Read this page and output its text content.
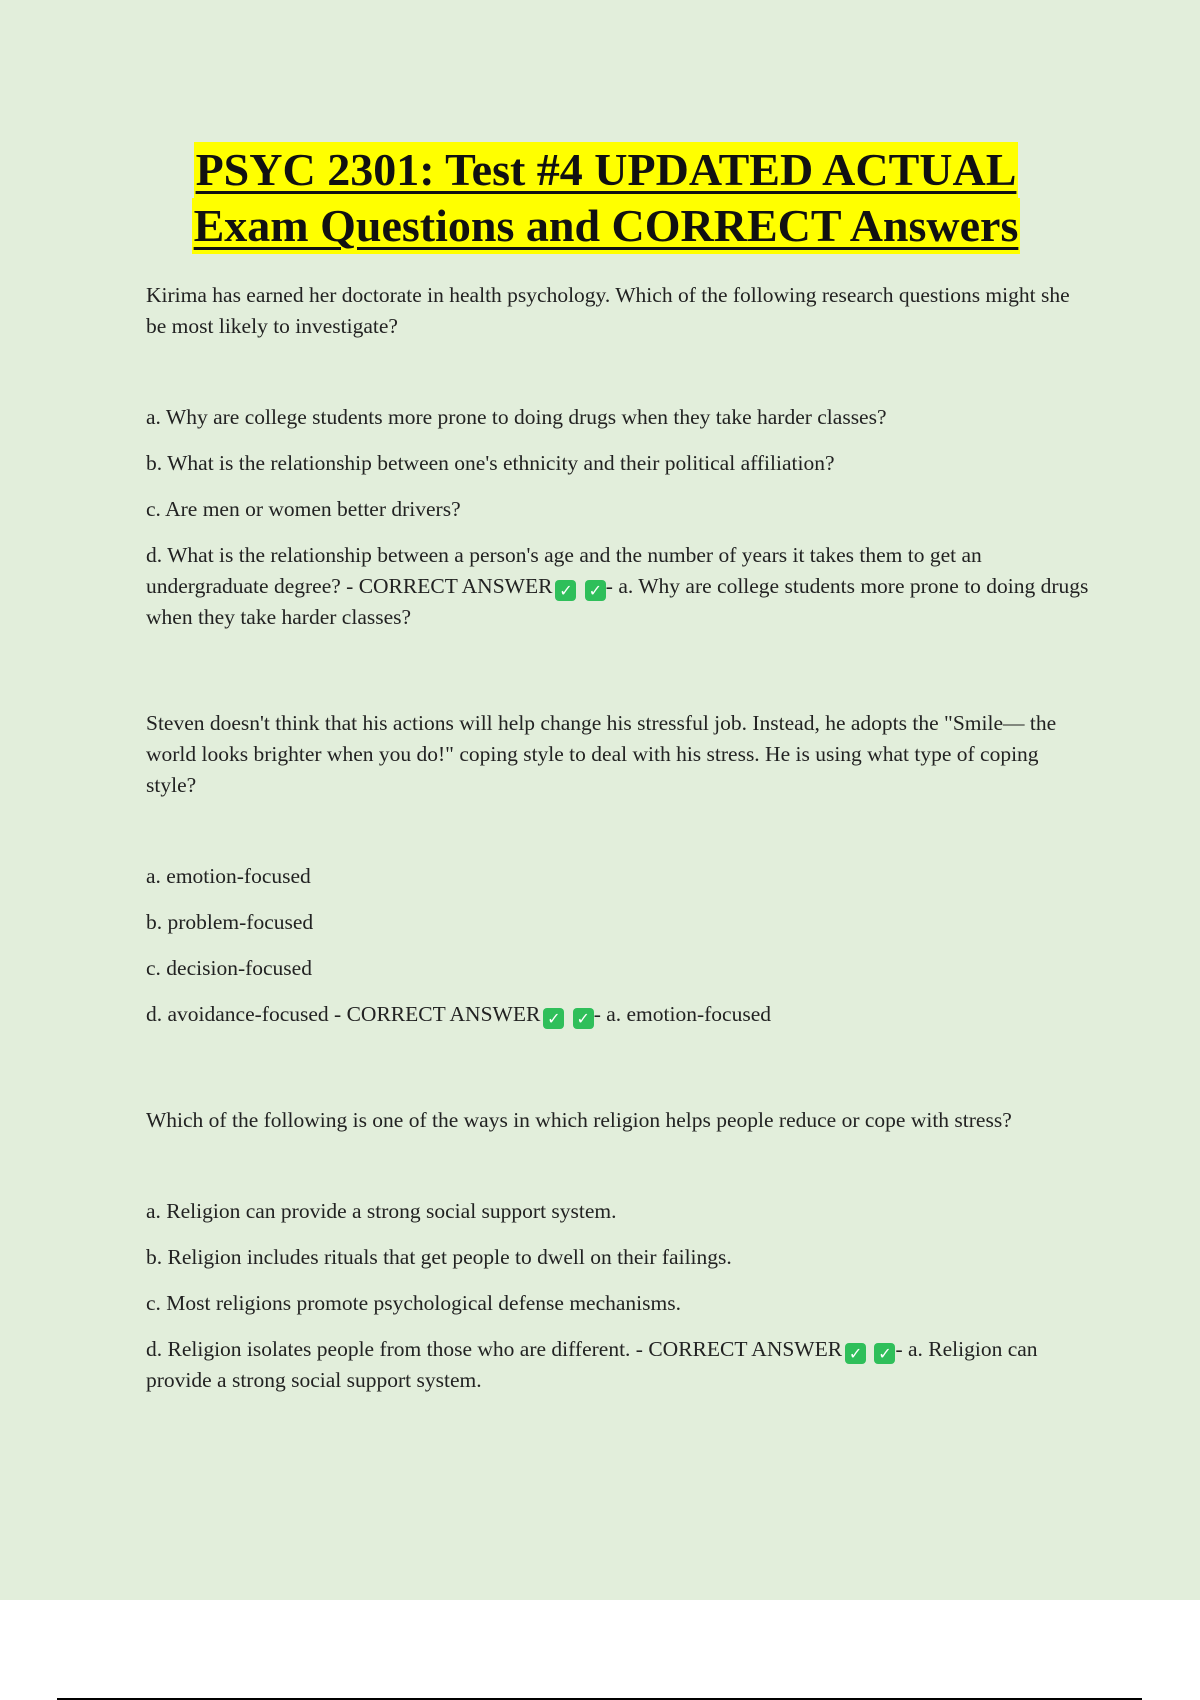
PSYC 2301: Test #4 UPDATED ACTUAL
Exam Questions and CORRECT Answers

Kirima has earned her doctorate in health psychology. Which of the following research questions might she be most likely to investigate?

a. Why are college students more prone to doing drugs when they take harder classes?

b. What is the relationship between one's ethnicity and their political affiliation?

c. Are men or women better drivers?

d. What is the relationship between a person's age and the number of years it takes them to get an undergraduate degree? - CORRECT ANSWER ✓ ✓ - a. Why are college students more prone to doing drugs when they take harder classes?

Steven doesn't think that his actions will help change his stressful job. Instead, he adopts the "Smile— the world looks brighter when you do!" coping style to deal with his stress. He is using what type of coping style?

a. emotion-focused

b. problem-focused

c. decision-focused

d. avoidance-focused - CORRECT ANSWER ✓ ✓ - a. emotion-focused

Which of the following is one of the ways in which religion helps people reduce or cope with stress?

a. Religion can provide a strong social support system.

b. Religion includes rituals that get people to dwell on their failings.

c. Most religions promote psychological defense mechanisms.

d. Religion isolates people from those who are different. - CORRECT ANSWER ✓ ✓ - a. Religion can provide a strong social support system.
